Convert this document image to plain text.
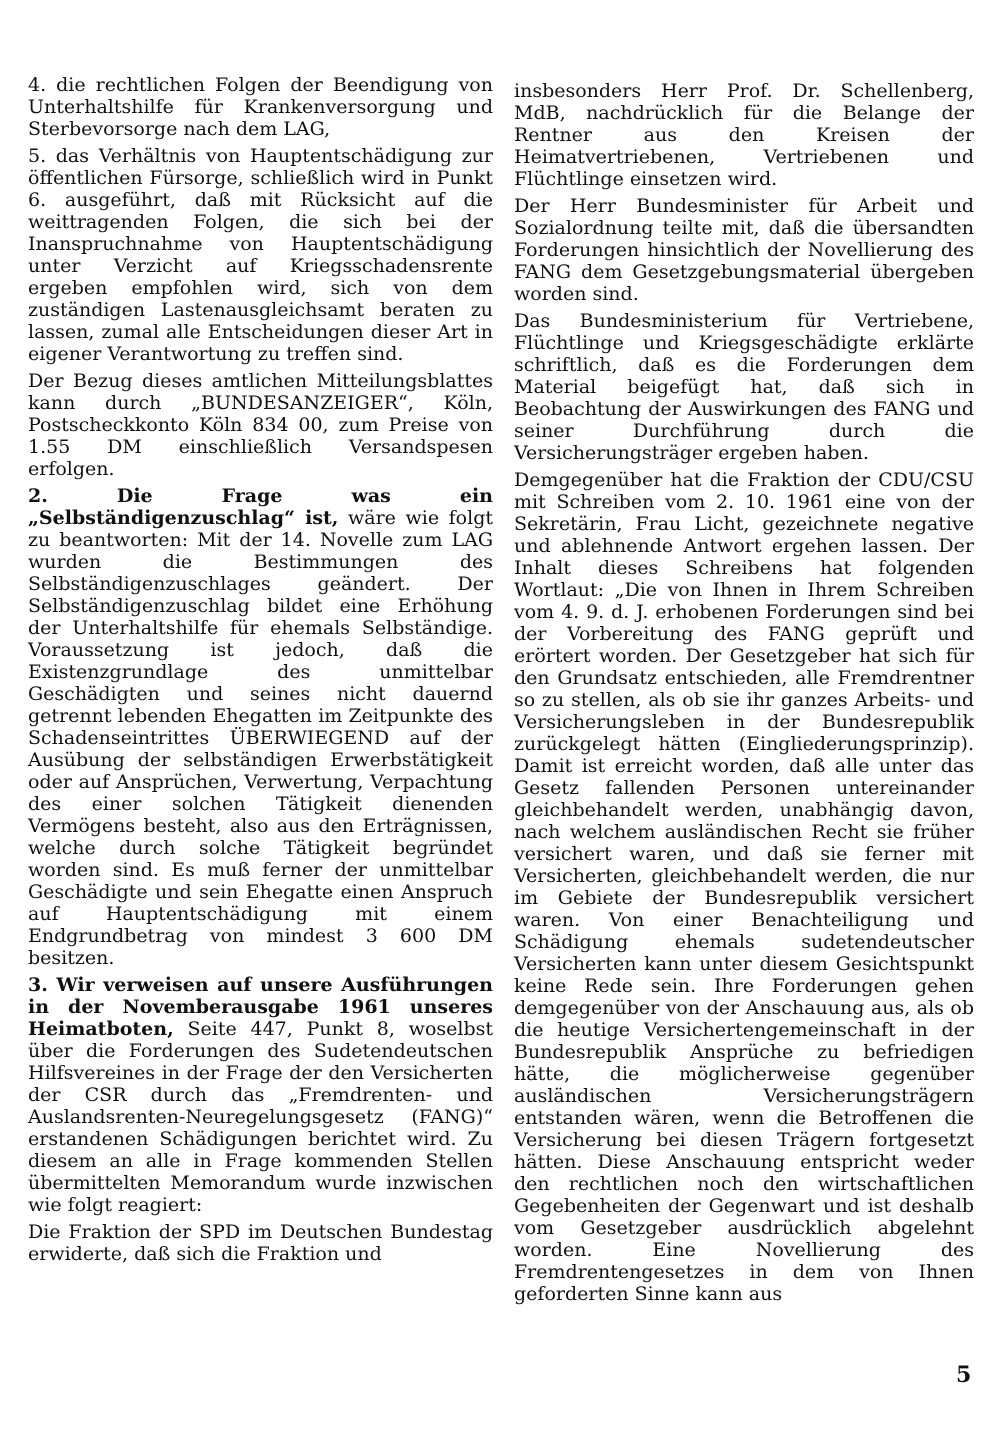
4. die rechtlichen Folgen der Beendigung von Unterhaltshilfe für Krankenversorgung und Sterbevorsorge nach dem LAG,

5. das Verhältnis von Hauptentschädigung zur öffentlichen Fürsorge, schließlich wird in Punkt 6. ausgeführt, daß mit Rücksicht auf die weittragenden Folgen, die sich bei der Inanspruchnahme von Hauptentschädigung unter Verzicht auf Kriegsschadensrente ergeben empfohlen wird, sich von dem zuständigen Lastenausgleichsamt beraten zu lassen, zumal alle Entscheidungen dieser Art in eigener Verantwortung zu treffen sind.

Der Bezug dieses amtlichen Mitteilungsblattes kann durch „BUNDESANZEIGER“, Köln, Postscheckkonto Köln 834 00, zum Preise von 1.55 DM einschließlich Versandspesen erfolgen.

2. Die Frage was ein „Selbständigenzuschlag“ ist, wäre wie folgt zu beantworten: Mit der 14. Novelle zum LAG wurden die Bestimmungen des Selbständigenzuschlages geändert. Der Selbständigenzuschlag bildet eine Erhöhung der Unterhaltshilfe für ehemals Selbständige. Voraussetzung ist jedoch, daß die Existenzgrundlage des unmittelbar Geschädigten und seines nicht dauernd getrennt lebenden Ehegatten im Zeitpunkte des Schadenseintrittes ÜBERWIEGEND auf der Ausübung der selbständigen Erwerbstätigkeit oder auf Ansprüchen, Verwertung, Verpachtung des einer solchen Tätigkeit dienenden Vermögens besteht, also aus den Erträgnissen, welche durch solche Tätigkeit begründet worden sind. Es muß ferner der unmittelbar Geschädigte und sein Ehegatte einen Anspruch auf Hauptentschädigung mit einem Endgrundbetrag von mindest 3 600 DM besitzen.

3. Wir verweisen auf unsere Ausführungen in der Novemberausgabe 1961 unseres Heimatboten, Seite 447, Punkt 8, woselbst über die Forderungen des Sudetendeutschen Hilfsvereines in der Frage der den Versicherten der CSR durch das „Fremdrenten- und Auslandsrenten-Neuregelungsgesetz (FANG)“ erstandenen Schädigungen berichtet wird. Zu diesem an alle in Frage kommenden Stellen übermittelten Memorandum wurde inzwischen wie folgt reagiert:

Die Fraktion der SPD im Deutschen Bundestag erwiderte, daß sich die Fraktion und

insbesonders Herr Prof. Dr. Schellenberg, MdB, nachdrücklich für die Belange der Rentner aus den Kreisen der Heimatvertriebenen, Vertriebenen und Flüchtlinge einsetzen wird.

Der Herr Bundesminister für Arbeit und Sozialordnung teilte mit, daß die übersandten Forderungen hinsichtlich der Novellierung des FANG dem Gesetzgebungsmaterial übergeben worden sind.

Das Bundesministerium für Vertriebene, Flüchtlinge und Kriegsgeschädigte erklärte schriftlich, daß es die Forderungen dem Material beigefügt hat, daß sich in Beobachtung der Auswirkungen des FANG und seiner Durchführung durch die Versicherungsträger ergeben haben.

Demgegenüber hat die Fraktion der CDU/CSU mit Schreiben vom 2. 10. 1961 eine von der Sekretärin, Frau Licht, gezeichnete negative und ablehnende Antwort ergehen lassen. Der Inhalt dieses Schreibens hat folgenden Wortlaut: „Die von Ihnen in Ihrem Schreiben vom 4. 9. d. J. erhobenen Forderungen sind bei der Vorbereitung des FANG geprüft und erörtert worden. Der Gesetzgeber hat sich für den Grundsatz entschieden, alle Fremdrentner so zu stellen, als ob sie ihr ganzes Arbeits- und Versicherungsleben in der Bundesrepublik zurückgelegt hätten (Eingliederungsprinzip). Damit ist erreicht worden, daß alle unter das Gesetz fallenden Personen untereinander gleichbehandelt werden, unabhängig davon, nach welchem ausländischen Recht sie früher versichert waren, und daß sie ferner mit Versicherten, gleichbehandelt werden, die nur im Gebiete der Bundesrepublik versichert waren. Von einer Benachteiligung und Schädigung ehemals sudetendeutscher Versicherten kann unter diesem Gesichtspunkt keine Rede sein. Ihre Forderungen gehen demgegenüber von der Anschauung aus, als ob die heutige Versichertengemeinschaft in der Bundesrepublik Ansprüche zu befriedigen hätte, die möglicherweise gegenüber ausländischen Versicherungsträgern entstanden wären, wenn die Betroffenen die Versicherung bei diesen Trägern fortgesetzt hätten. Diese Anschauung entspricht weder den rechtlichen noch den wirtschaftlichen Gegebenheiten der Gegenwart und ist deshalb vom Gesetzgeber ausdrücklich abgelehnt worden. Eine Novellierung des Fremdrentengesetzes in dem von Ihnen geforderten Sinne kann aus

5
